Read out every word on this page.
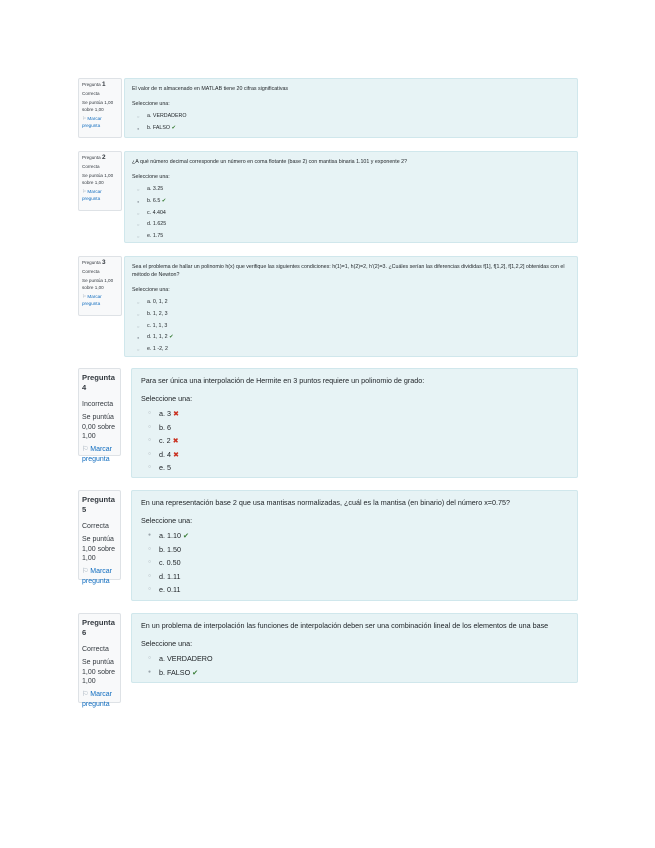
Pregunta 1
Correcta
Se puntúa 1,00 sobre 1,00
⚐ Marcar pregunta
El valor de π almacenado en MATLAB tiene 20 cifras significativas
Seleccione una:
○ a. VERDADERO
● b. FALSO ✔
Pregunta 2
Correcta
Se puntúa 1,00 sobre 1,00
⚐ Marcar pregunta
¿A qué número decimal corresponde un número en coma flotante (base 2) con mantisa binaria 1.101 y exponente 2?
Seleccione una:
○ a. 3.25
● b. 6.5 ✔
○ c. 4.404
○ d. 1.625
○ e. 1.75
Pregunta 3
Correcta
Se puntúa 1,00 sobre 1,00
⚐ Marcar pregunta
Sea el problema de hallar un polinomio h(x) que verifique las siguientes condiciones: h(1)=1, h(2)=2, h'(2)=3. ¿Cuáles serían las diferencias divididas f[1], f[1,2], f[1,2,2] obtenidas con el método de Newton?
Seleccione una:
○ a. 0, 1, 2
○ b. 1, 2, 3
○ c. 1, 1, 3
● d. 1, 1, 2 ✔
○ e. 1 -2, 2
Pregunta 4
Incorrecta
Se puntúa 0,00 sobre 1,00
⚐ Marcar pregunta
Para ser única una interpolación de Hermite en 3 puntos requiere un polinomio de grado:
Seleccione una:
○ a. 3 ✖
○ b. 6
○ c. 2 ✖
○ d. 4 ✖
○ e. 5
Pregunta 5
Correcta
Se puntúa 1,00 sobre 1,00
⚐ Marcar pregunta
En una representación base 2 que usa mantisas normalizadas, ¿cuál es la mantisa (en binario) del número x=0.75?
Seleccione una:
● a. 1.10 ✔
○ b. 1.50
○ c. 0.50
○ d. 1.11
○ e. 0.11
Pregunta 6
Correcta
Se puntúa 1,00 sobre 1,00
⚐ Marcar pregunta
En un problema de interpolación las funciones de interpolación deben ser una combinación lineal de los elementos de una base
Seleccione una:
○ a. VERDADERO
● b. FALSO ✔
